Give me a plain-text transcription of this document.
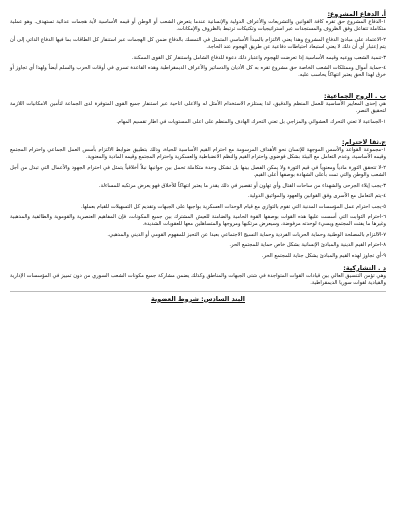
أ. الدفاع المشروع:

١-الدفاع المشروع حق تقره كافة القوانين والتشريعات والأعراف الدولية والإنسانية عندما يتعرض الشعب أو الوطن أو قيمه الأساسية لأية هجمات عدائية تستهدف. وهو عملية متكاملة تتفاعل وفق الظروف والمستجدات عبر استراتيجيات وتكتيكات ترتبط بالظروف والإمكانات.

٢-الاعتماد على مبادئ الدفاع المشروع وهذا يعني الالتزام بالمبدأ الأساسي المتمثل في التمسك بالدفاع ضمن كل الهجمات عبر استنفار كل الطاقات بما فيها الدفاع الذاتي إلى أن يتم إعتبار أي أن ذلك لا يعني استبعاد احتياطات دفاعية عن طريق الهجوم عند الحاجة.

٣-تنمية الشعب ووعيه وقيمه الأساسية إذا تعرضت للهجوم واعتبار ذلك دعوة للدفاع الشامل واستنفار كل القوى الممكنة.

٤-حماية أموال وممتلكات الشعب الخاصة حق مشروع تقره به كل الأديان والدساتير والأعراف الديمقراطية وهذه القاعدة تسري في أوقات الحرب والسلم أيضاً ولهذا أي تجاوز أو خرق لهذا الحق يعتبر انتهاكاً يحاسب عليه.

ب . الروح الجماعية:

هي إحدى المعايير الأساسية للعمل المنظم والدقيق، لذا يستلزم الاستخدام الأمثل له والاعلى اتاحية عبر استنفار جميع القوى المتوفرة لدى الجماعة لتأمين الامكانيات اللازمة لتحقيق النصر.

١-الجماعية لا تعني التحرك العشوائي والمزاجي بل تعني التحرك الهادف والمنظم على اعلى المستويات في اطار تقسيم المهام.

ج.ثقا لاحترام:

١-مجموعة القواعد والأسس الموجهة للإنسان نحو الأهداف المرسومة مع احترام القيم الأساسية للحياة، وذلك بتطبيق ضوابط الالتزام بأسس العمل الجماعي واحترام المجتمع وقيمه الأساسية، وعدم التعامل مع البيئة بشكل فوضوي واحترام القيم والنظم الانضباطية والعسكرية واحترام المجتمع وقيمه المادية والمعنوية.

٢-لا تتحقق الثورة مادياً ومعنوياً في قيم الثورة ولا يمكن الفصل بينها بل تشكل وحدة متكاملة تحمل بين جوانبها نبلاً أخلاقياً يتمثل في احترام الجهود والأعمال التي تبذل من أجل الشعب والوطن والتي تمت بأعلى الشهادة بوصفها أعلى القيم.

٣-يجب إيلاء الجرحى والشهداء من ساحات القتال وأي تهاون أو تقصير في ذلك يقدر ما يعتبر انتهاكاً للأخلاق فهو يعرض مرتكبه للمساءلة.

٤-يتم التعامل مع الأسرى وفق القوانين والعهود والمواثيق الدولية.

٥-يجب احترام عمل المؤسسات المدنية التي تقوم بالتوازي مع قيام الوحدات العسكرية بواجبها على الجبهات وتقديم كل التسهيلات للقيام بعملها.

٦-احترام الثوابت التي أسست عليها هذه القوات بوصفها القوة الحامية والضامنة للعيش المشترك بين جميع المكونات، فإن المفاهيم العنصرية والقوموية والطائفية والمذهبية وغيرها ما يفتت المجتمع ويسيء لوحدته مرفوضة، وسيعرض مرتكبها ومروجها والمتساهلين معها للعقوبات الشديدة.

٧-الالتزام بالمصلحة الوطنية وحماية الحريات الفردية وحماية النسيج الاجتماعي بعيدا عن التحيز للمفهوم القومي أو الديني والمذهبي.

٨-احترام القيم الدينية والمبادئ الإنسانية بشكل خاص حماية للمجتمع الحر.

٩-أي تجاوز لهذه القيم والمبادئ يشكل جناية للمجتمع الحر.

د . التشاركية:

وهي تؤمن التنسيق العالي بين قيادات القوات المتواجدة في شتى الجبهات والمناطق وكذلك يضمن مشاركة جميع مكونات الشعب السوري من دون تمييز في المؤسسات الإدارية والقيادية لقوات سوريا الديمقراطية.

البند السادس: شروط العضوية
